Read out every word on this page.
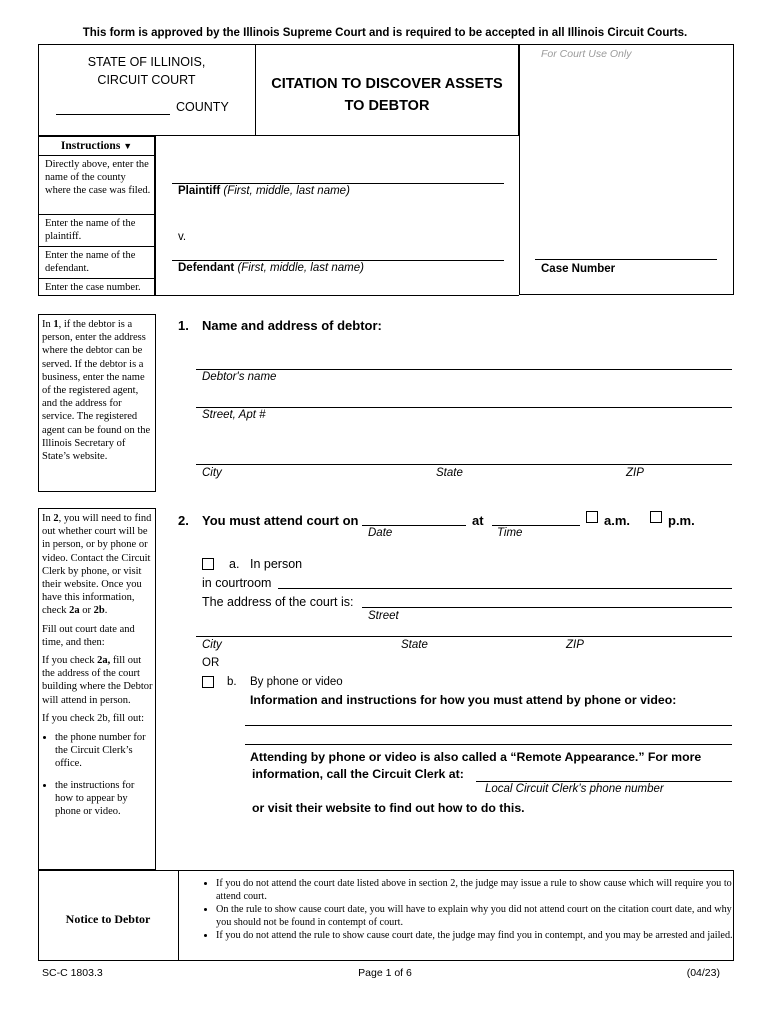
This form is approved by the Illinois Supreme Court and is required to be accepted in all Illinois Circuit Courts.
STATE OF ILLINOIS,
CIRCUIT COURT
COUNTY
CITATION TO DISCOVER ASSETS
TO DEBTOR
For Court Use Only
Instructions ▼
Directly above, enter the name of the county where the case was filed.
Enter the name of the plaintiff.
Enter the name of the defendant.
Enter the case number.
Plaintiff (First, middle, last name)
v.
Defendant (First, middle, last name)	Case Number
In 1, if the debtor is a person, enter the address where the debtor can be served. If the debtor is a business, enter the name of the registered agent, and the address for service. The registered agent can be found on the Illinois Secretary of State’s website.
1. Name and address of debtor:
Debtor's name
Street, Apt #
City	State	ZIP
In 2, you will need to find out whether court will be in person, or by phone or video. Contact the Circuit Clerk by phone, or visit their website. Once you have this information, check 2a or 2b.
Fill out court date and time, and then:
If you check 2a, fill out the address of the court building where the Debtor will attend in person.
If you check 2b, fill out:
• the phone number for the Circuit Clerk’s office.
• the instructions for how to appear by phone or video.
2. You must attend court on
Date
at
Time
a.m.	p.m.
a. In person
in courtroom
The address of the court is:
Street
City	State	ZIP
OR
b. By phone or video
Information and instructions for how you must attend by phone or video:
Attending by phone or video is also called a “Remote Appearance.” For more
information, call the Circuit Clerk at:
Local Circuit Clerk’s phone number
or visit their website to find out how to do this.
Notice to Debtor
• If you do not attend the court date listed above in section 2, the judge may issue a rule to show cause which will require you to attend court.
• On the rule to show cause court date, you will have to explain why you did not attend court on the citation court date, and why you should not be found in contempt of court.
• If you do not attend the rule to show cause court date, the judge may find you in contempt, and you may be arrested and jailed.
SC-C 1803.3	Page 1 of 6	(04/23)
